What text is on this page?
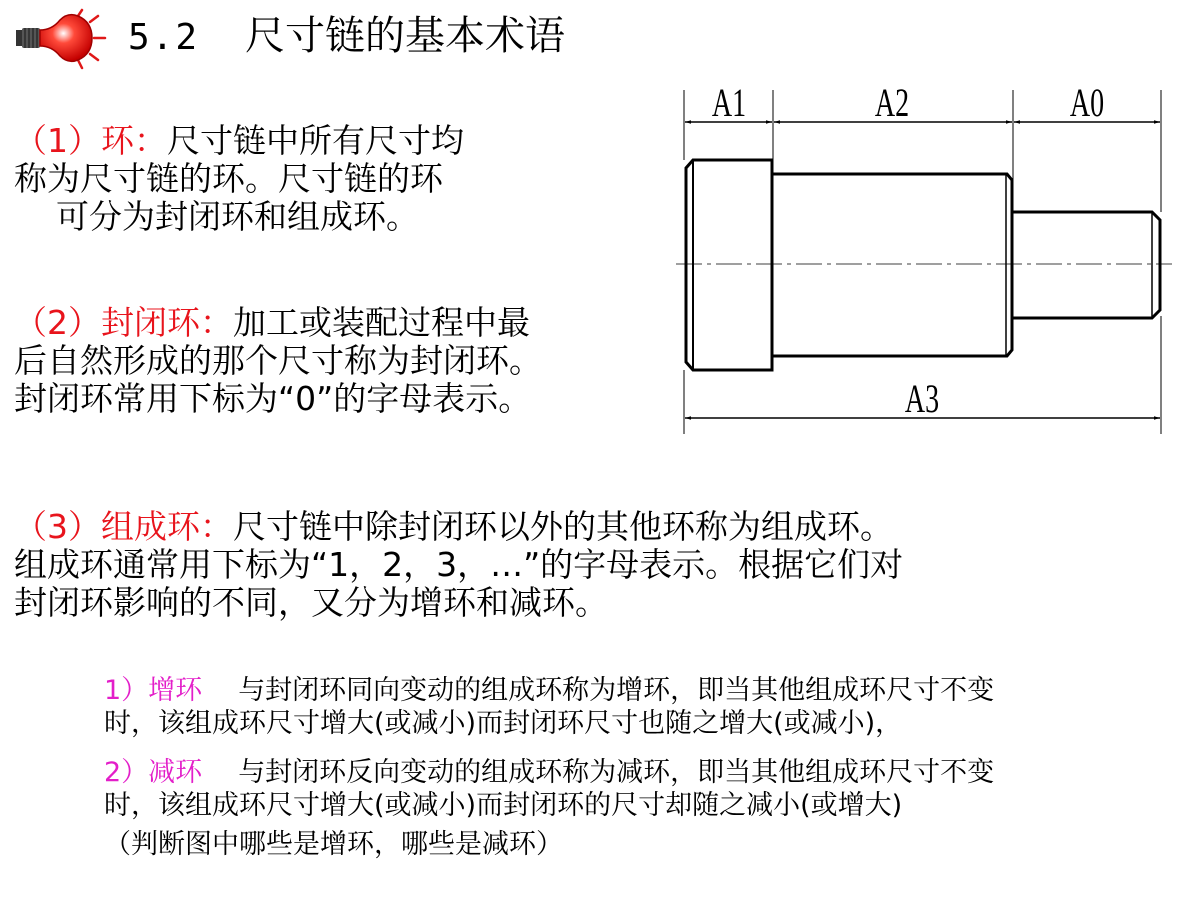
5.2 尺寸链的基本术语
（1）环：尺寸链中所有尺寸均
称为尺寸链的环。尺寸链的环
可分为封闭环和组成环。
（2）封闭环：加工或装配过程中最
后自然形成的那个尺寸称为封闭环。
封闭环常用下标为“0”的字母表示。
（3）组成环：尺寸链中除封闭环以外的其他环称为组成环。
组成环通常用下标为“1，2，3，…”的字母表示。根据它们对
封闭环影响的不同，又分为增环和减环。
1）增环 与封闭环同向变动的组成环称为增环，即当其他组成环尺寸不变
时，该组成环尺寸增大(或减小)而封闭环尺寸也随之增大(或减小)，
2）减环 与封闭环反向变动的组成环称为减环，即当其他组成环尺寸不变
时，该组成环尺寸增大(或减小)而封闭环的尺寸却随之减小(或增大)
（判断图中哪些是增环，哪些是减环）
A1	A2	A0
A3
